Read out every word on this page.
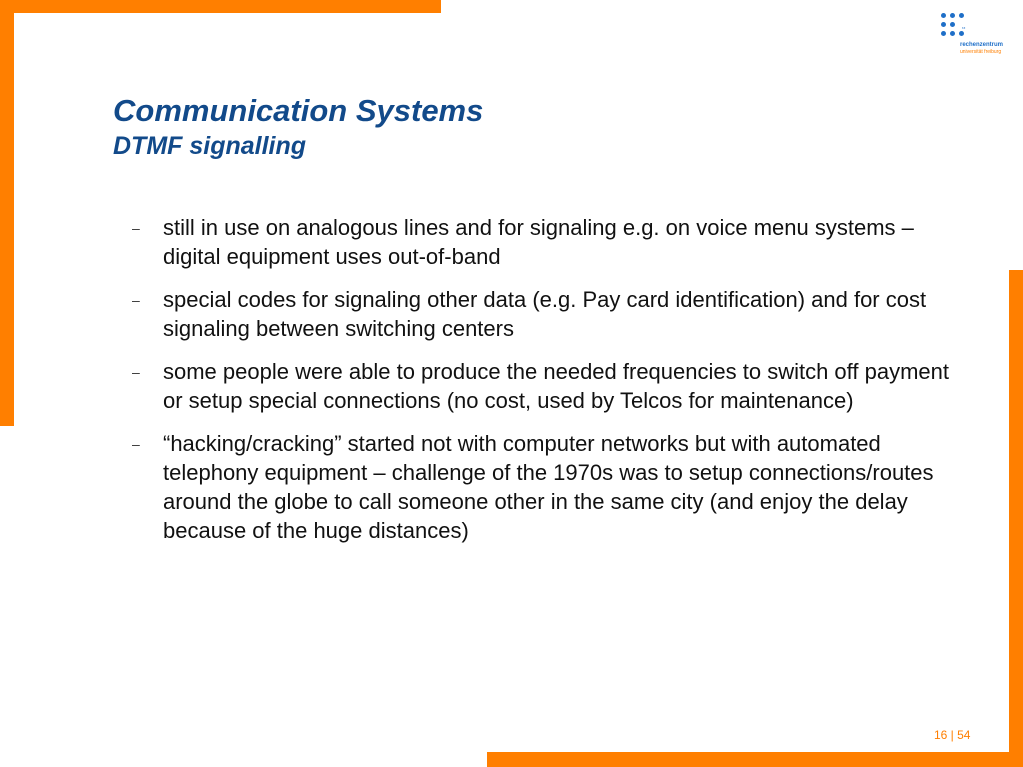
rz
rechenzentrum
universität freiburg
Communication Systems
DTMF signalling
– still in use on analogous lines and for signaling e.g. on voice menu systems – digital equipment uses out-of-band
– special codes for signaling other data (e.g. Pay card identification) and for cost signaling between switching centers
– some people were able to produce the needed frequencies to switch off payment or setup special connections (no cost, used by Telcos for maintenance)
– “hacking/cracking” started not with computer networks but with automated telephony equipment – challenge of the 1970s was to setup connections/routes around the globe to call someone other in the same city (and enjoy the delay because of the huge distances)
16 | 54
